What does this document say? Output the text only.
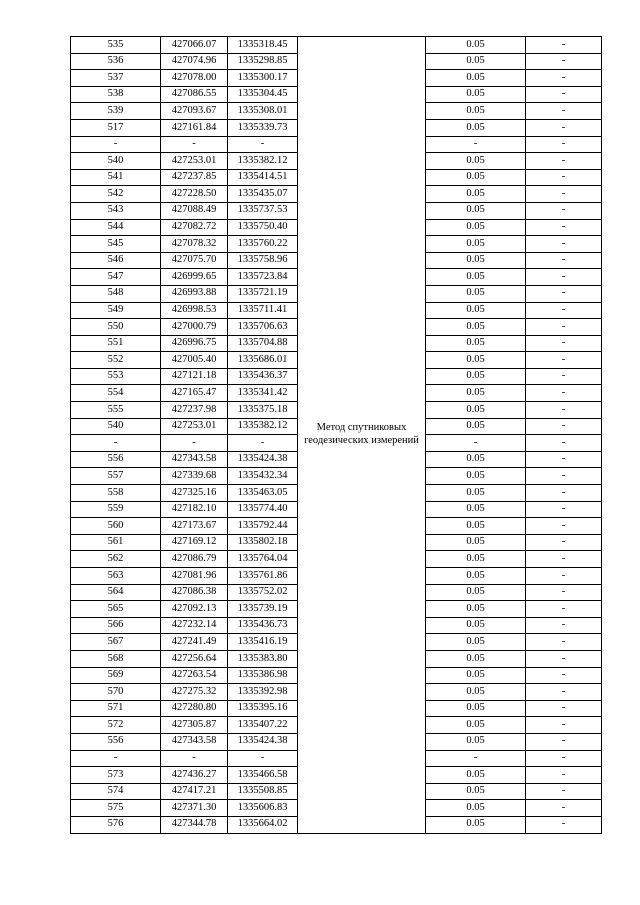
535	427066.07	1335318.45	Метод спутниковых геодезических измерений	0.05	-
536	427074.96	1335298.85		0.05	-
537	427078.00	1335300.17		0.05	-
538	427086.55	1335304.45		0.05	-
539	427093.67	1335308.01		0.05	-
517	427161.84	1335339.73		0.05	-
-	-	-		-	-
540	427253.01	1335382.12		0.05	-
541	427237.85	1335414.51		0.05	-
542	427228.50	1335435.07		0.05	-
543	427088.49	1335737.53		0.05	-
544	427082.72	1335750.40		0.05	-
545	427078.32	1335760.22		0.05	-
546	427075.70	1335758.96		0.05	-
547	426999.65	1335723.84		0.05	-
548	426993.88	1335721.19		0.05	-
549	426998.53	1335711.41		0.05	-
550	427000.79	1335706.63		0.05	-
551	426996.75	1335704.88		0.05	-
552	427005.40	1335686.01		0.05	-
553	427121.18	1335436.37		0.05	-
554	427165.47	1335341.42		0.05	-
555	427237.98	1335375.18		0.05	-
540	427253.01	1335382.12		0.05	-
-	-	-		-	-
556	427343.58	1335424.38		0.05	-
557	427339.68	1335432.34		0.05	-
558	427325.16	1335463.05		0.05	-
559	427182.10	1335774.40		0.05	-
560	427173.67	1335792.44		0.05	-
561	427169.12	1335802.18		0.05	-
562	427086.79	1335764.04		0.05	-
563	427081.96	1335761.86		0.05	-
564	427086.38	1335752.02		0.05	-
565	427092.13	1335739.19		0.05	-
566	427232.14	1335436.73		0.05	-
567	427241.49	1335416.19		0.05	-
568	427256.64	1335383.80		0.05	-
569	427263.54	1335386.98		0.05	-
570	427275.32	1335392.98		0.05	-
571	427280.80	1335395.16		0.05	-
572	427305.87	1335407.22		0.05	-
556	427343.58	1335424.38		0.05	-
-	-	-		-	-
573	427436.27	1335466.58		0.05	-
574	427417.21	1335508.85		0.05	-
575	427371.30	1335606.83		0.05	-
576	427344.78	1335664.02		0.05	-
